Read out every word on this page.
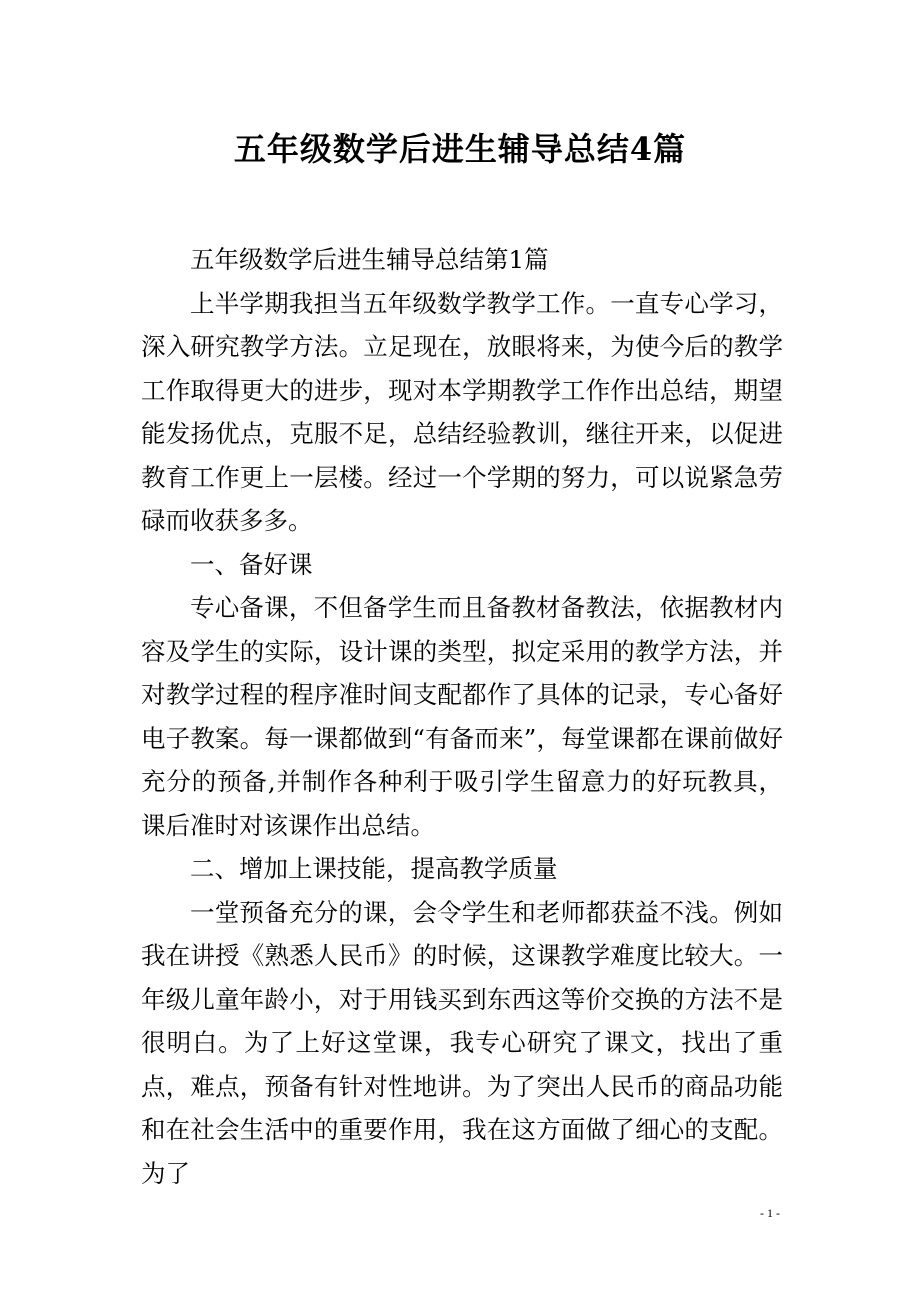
五年级数学后进生辅导总结4篇

五年级数学后进生辅导总结第1篇

上半学期我担当五年级数学教学工作。一直专心学习，深入研究教学方法。立足现在，放眼将来，为使今后的教学工作取得更大的进步，现对本学期教学工作作出总结，期望能发扬优点，克服不足，总结经验教训，继往开来，以促进教育工作更上一层楼。经过一个学期的努力，可以说紧急劳碌而收获多多。

一、备好课

专心备课，不但备学生而且备教材备教法，依据教材内容及学生的实际，设计课的类型，拟定采用的教学方法，并对教学过程的程序准时间支配都作了具体的记录，专心备好电子教案。每一课都做到“有备而来”，每堂课都在课前做好充分的预备,并制作各种利于吸引学生留意力的好玩教具，课后准时对该课作出总结。

二、增加上课技能，提高教学质量

一堂预备充分的课，会令学生和老师都获益不浅。例如我在讲授《熟悉人民币》的时候，这课教学难度比较大。一年级儿童年龄小，对于用钱买到东西这等价交换的方法不是很明白。为了上好这堂课，我专心研究了课文，找出了重点，难点，预备有针对性地讲。为了突出人民币的商品功能和在社会生活中的重要作用，我在这方面做了细心的支配。为了

- 1 -
